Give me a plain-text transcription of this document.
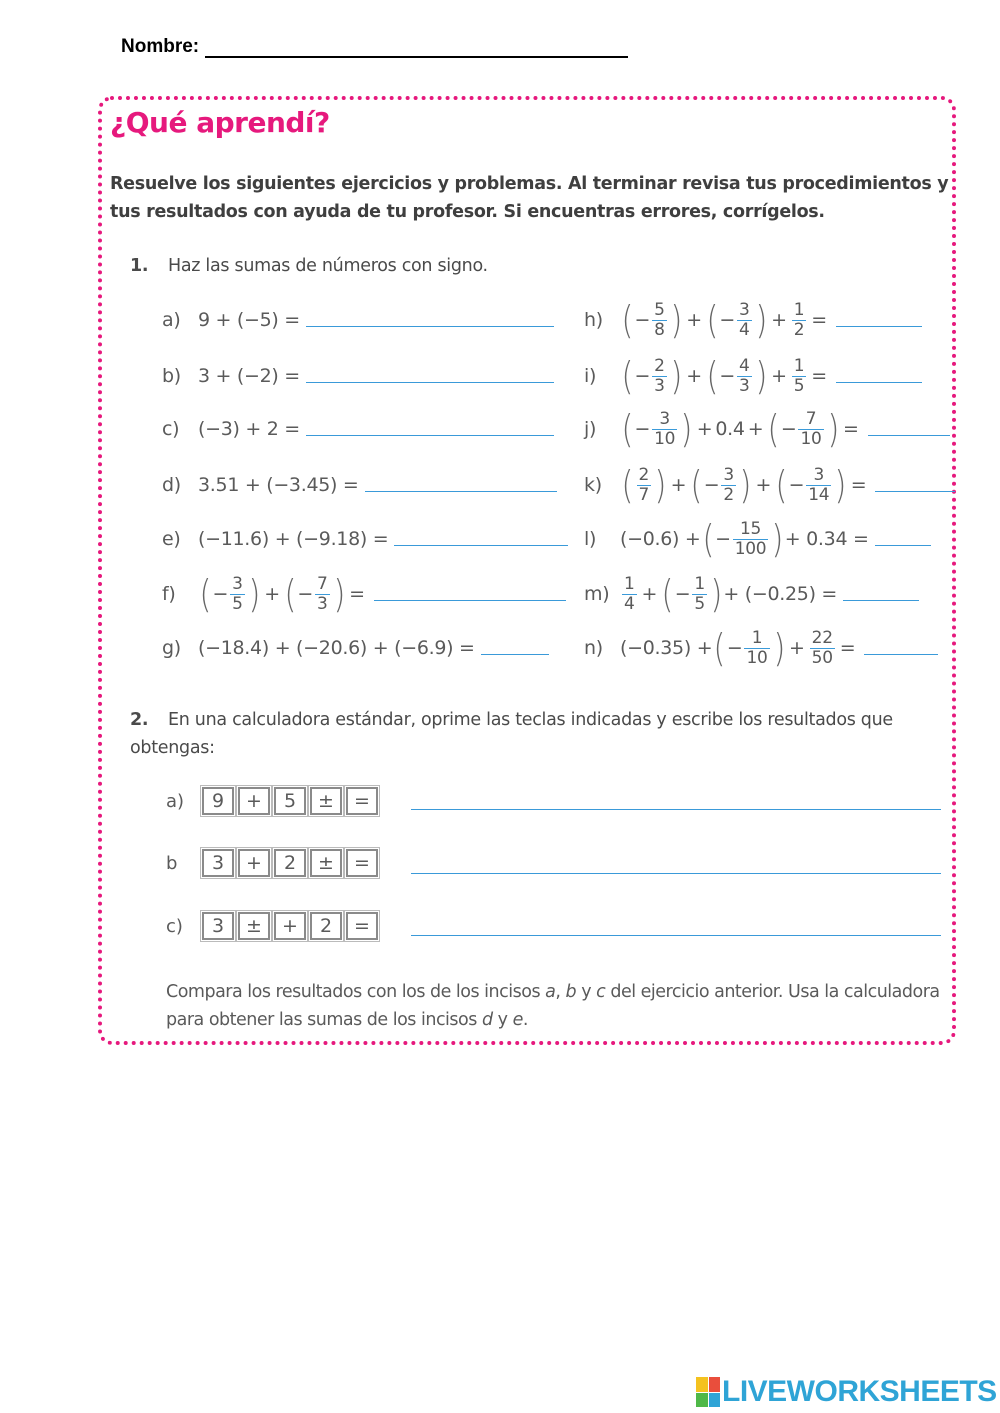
Nombre:
¿Qué aprendí?
Resuelve los siguientes ejercicios y problemas. Al terminar revisa tus procedimientos y tus resultados con ayuda de tu profesor. Si encuentras errores, corrígelos.
1. Haz las sumas de números con signo.
a) 9 + (−5) =
b) 3 + (−2) =
c) (−3) + 2 =
d) 3.51 + (−3.45) =
e) (−11.6) + (−9.18) =
f) ( − $\frac{3}{5}$ ) + ( − $\frac{7}{3}$ ) =
g) (−18.4) + (−20.6) + (−6.9) =
h) ( − $\frac{5}{8}$ ) + ( − $\frac{3}{4}$ ) + $\frac{1}{2}$ =
i) ( − $\frac{2}{3}$ ) + ( − $\frac{4}{3}$ ) + $\frac{1}{5}$ =
j) ( − $\frac{3}{10}$ ) + 0.4 + ( − $\frac{7}{10}$ ) =
k) ( $\frac{2}{7}$ ) + ( − $\frac{3}{2}$ ) + ( − $\frac{3}{14}$ ) =
l)	(−0.6) + ( − $\frac{15}{100}$ ) + 0.34 =
$m) \frac{1}{4}$ + ( − $\frac{1}{5}$ ) + (−0.25) =
n) (−0.35) + ( − $\frac{1}{10}$ ) + $\frac{22}{50}$ =
2. En una calculadora estándar, oprime las teclas indicadas y escribe los resultados que obtengas:
a)	9	+	5	±	=
b	3	+	2	±	=
c)	3	±	+	2	=
Compara los resultados con los de los incisos a, b y c del ejercicio anterior. Usa la calculadora para obtener las sumas de los incisos d y e.
LIVEWORKSHEETS
